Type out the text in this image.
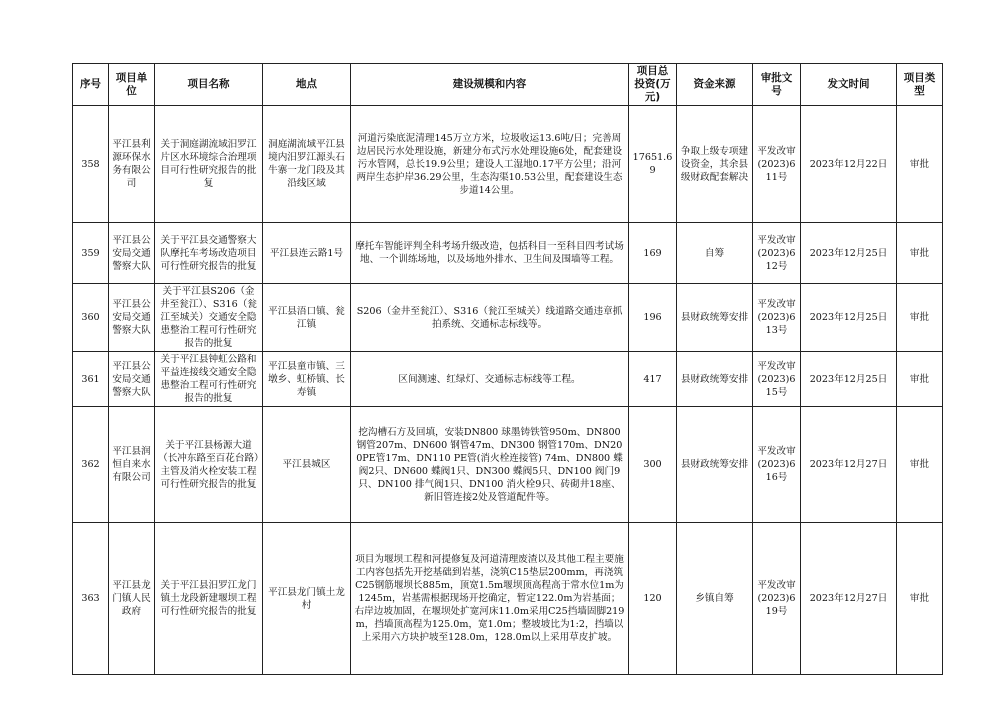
序号	项目单位	项目名称	地点	建设规模和内容	项目总投资(万元)	资金来源	审批文号	发文时间	项目类型
358	平江县利源环保水务有限公司	关于洞庭湖流域汨罗江片区水环境综合治理项目可行性研究报告的批复	洞庭湖流域平江县境内汨罗江源头石牛寨一龙门段及其沿线区域	河道污染底泥清理145万立方米，垃圾收运13.6吨/日；完善周边居民污水处理设施，新建分布式污水处理设施6处，配套建设污水管网，总长19.9公里；建设人工湿地0.17平方公里；沿河两岸生态护岸36.29公里，生态沟渠10.53公里，配套建设生态步道14公里。	17651.69	争取上级专项建设资金，其余县级财政配套解决	平发改审(2023)611号	2023年12月22日	审批
359	平江县公安局交通警察大队	关于平江县交通警察大队摩托车考场改造项目可行性研究报告的批复	平江县连云路1号	摩托车智能评判全科考场升级改造，包括科目一至科目四考试场地、一个训练场地，以及场地外排水、卫生间及围墙等工程。	169	自筹	平发改审(2023)612号	2023年12月25日	审批
360	平江县公安局交通警察大队	关于平江县S206（金井至瓮江）、S316（瓮江至城关）交通安全隐患整治工程可行性研究报告的批复	平江县浯口镇、瓮江镇	S206（金井至瓮江）、S316（瓮江至城关）线道路交通违章抓拍系统、交通标志标线等。	196	县财政统筹安排	平发改审(2023)613号	2023年12月25日	审批
361	平江县公安局交通警察大队	关于平江县钟虹公路和平益连接线交通安全隐患整治工程可行性研究报告的批复	平江县童市镇、三墩乡、虹桥镇、长寿镇	区间测速、红绿灯、交通标志标线等工程。	417	县财政统筹安排	平发改审(2023)615号	2023年12月25日	审批
362	平江县润恒自来水有限公司	关于平江县杨源大道（长冲东路至百花台路）主管及消火栓安装工程可行性研究报告的批复	平江县城区	挖沟槽石方及回填，安装DN800 球墨铸铁管950m、DN800 钢管207m、DN600 钢管47m、DN300 钢管170m、DN200PE管17m、DN110 PE管(消火栓连接管) 74m、DN800 蝶阀2只、DN600 蝶阀1只、DN300 蝶阀5只、DN100 阀门9只、DN100 排气阀1只、DN100 消火栓9只、砖砌井18座、新旧管连接2处及管道配件等。	300	县财政统筹安排	平发改审(2023)616号	2023年12月27日	审批
363	平江县龙门镇人民政府	关于平江县汨罗江龙门镇土龙段新建堰坝工程可行性研究报告的批复	平江县龙门镇土龙村	项目为堰坝工程和河提修复及河道清理废渣以及其他工程主要施工内容包括先开挖基础到岩基，浇筑C15垫层200mm，再浇筑C25钢筋堰坝长885m，顶宽1.5m堰坝顶高程高于常水位1m为1245m，岩基需根据现场开挖确定，暂定122.0m为岩基面；右岸边坡加固，在堰坝处扩宽河床11.0m采用C25挡墙固脚219m，挡墙顶高程为125.0m，宽1.0m；整坡坡比为1:2，挡墙以上采用六方块护坡至128.0m，128.0m以上采用草皮扩坡。	120	乡镇自筹	平发改审(2023)619号	2023年12月27日	审批
